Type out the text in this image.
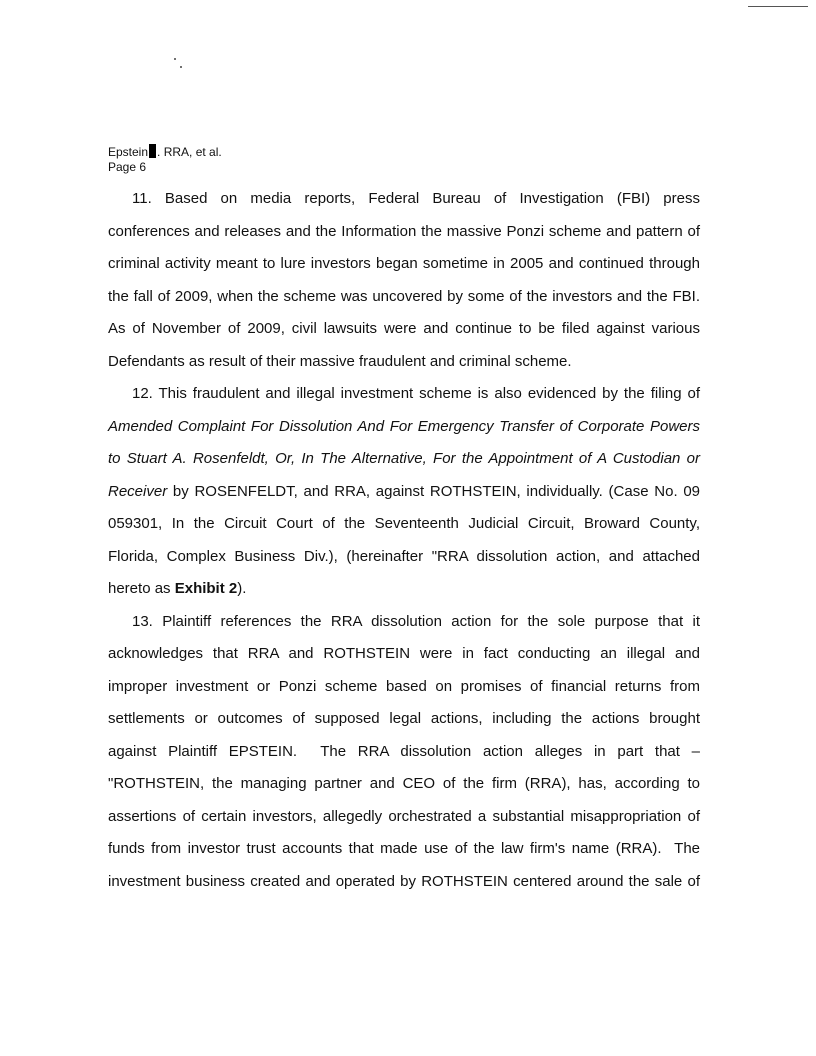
Epstein . RRA, et al.
Page 6
11. Based on media reports, Federal Bureau of Investigation (FBI) press
conferences and releases and the Information the massive Ponzi scheme and pattern of
criminal activity meant to lure investors began sometime in 2005 and continued through
the fall of 2009, when the scheme was uncovered by some of the investors and the FBI.
As of November of 2009, civil lawsuits were and continue to be filed against various
Defendants as result of their massive fraudulent and criminal scheme.
12. This fraudulent and illegal investment scheme is also evidenced by the filing of
Amended Complaint For Dissolution And For Emergency Transfer of Corporate Powers
to Stuart A. Rosenfeldt, Or, In The Alternative, For the Appointment of A Custodian or
Receiver by ROSENFELDT, and RRA, against ROTHSTEIN, individually. (Case No. 09
059301, In the Circuit Court of the Seventeenth Judicial Circuit, Broward County,
Florida, Complex Business Div.), (hereinafter "RRA dissolution action, and attached
hereto as Exhibit 2).
13. Plaintiff references the RRA dissolution action for the sole purpose that it
acknowledges that RRA and ROTHSTEIN were in fact conducting an illegal and
improper investment or Ponzi scheme based on promises of financial returns from
settlements or outcomes of supposed legal actions, including the actions brought
against Plaintiff EPSTEIN.  The RRA dissolution action alleges in part that –
"ROTHSTEIN, the managing partner and CEO of the firm (RRA), has, according to
assertions of certain investors, allegedly orchestrated a substantial misappropriation of
funds from investor trust accounts that made use of the law firm's name (RRA).  The
investment business created and operated by ROTHSTEIN centered around the sale of
